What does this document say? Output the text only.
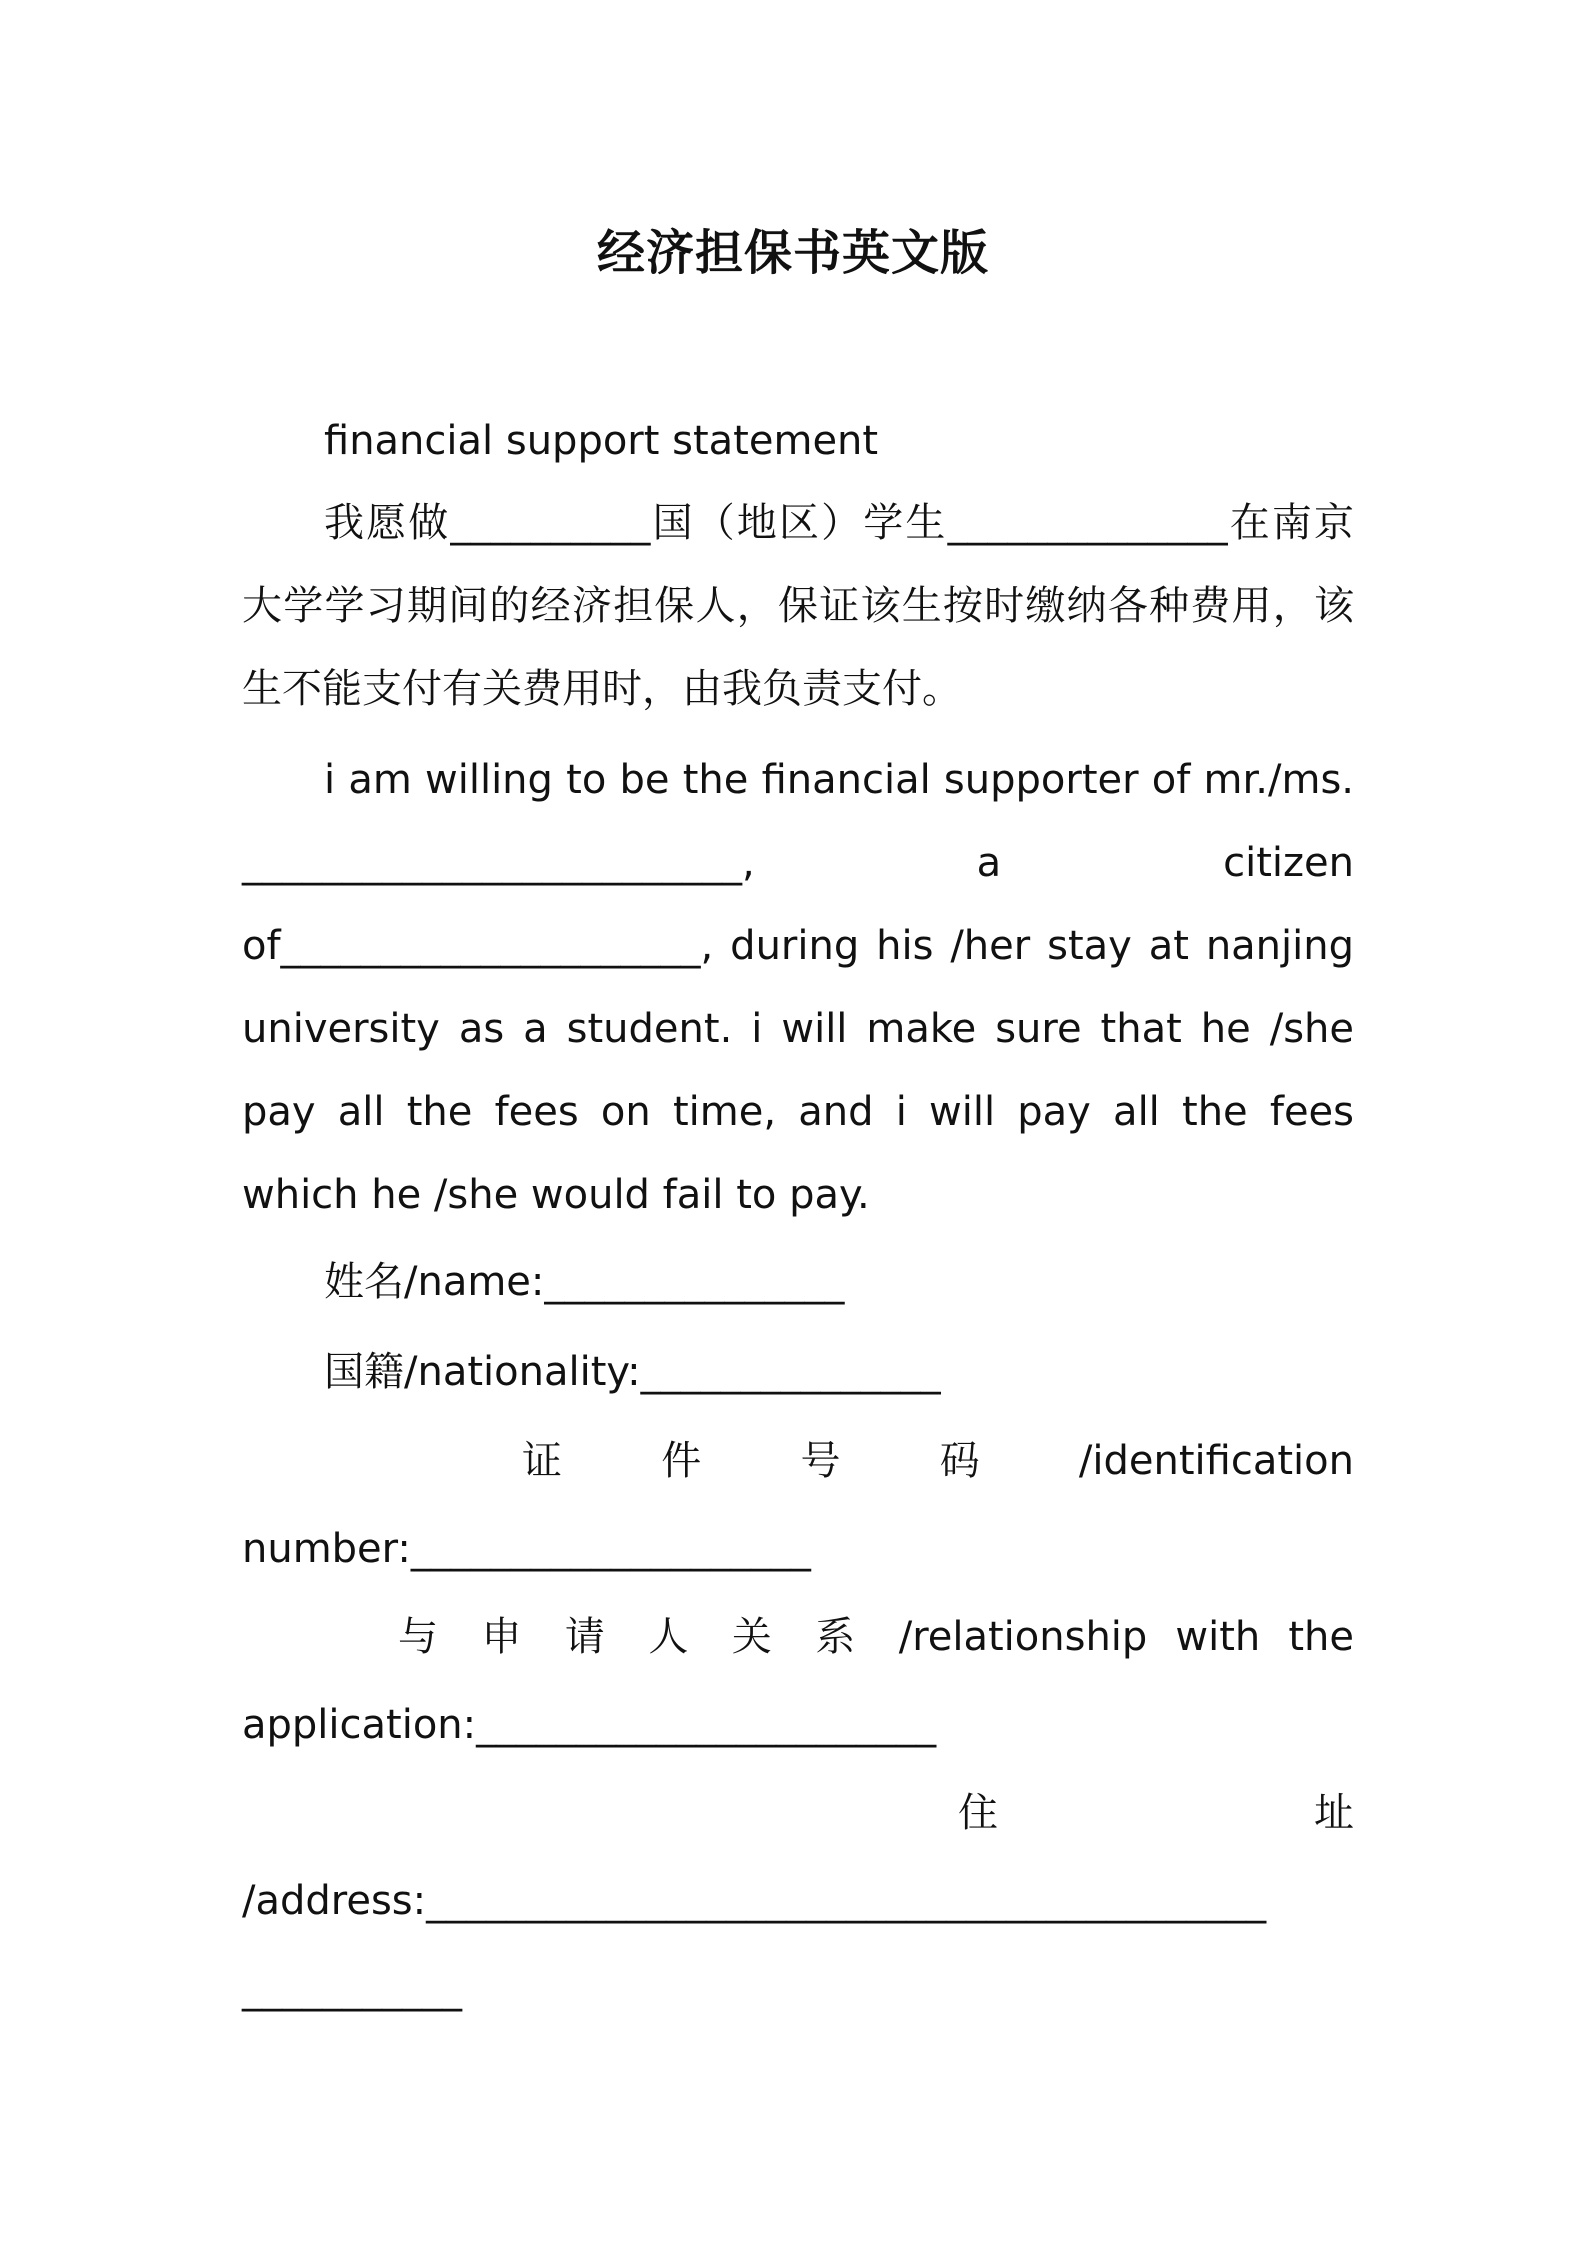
经济担保书英文版

financial support statement

我愿做__________国（地区）学生______________在南京大学学习期间的经济担保人，保证该生按时缴纳各种费用，该生不能支付有关费用时，由我负责支付。

i am willing to be the financial supporter of mr./ms. _________________________, a citizen of_____________________, during his /her stay at nanjing university as a student. i will make sure that he /she pay all the fees on time, and i will pay all the fees which he /she would fail to pay.

姓名/name:_______________

国籍/nationality:_______________

证 件 号 码 /identification
number:____________________
与 申 请 人 关 系 /relationship with the
application:_______________________
住 址
/address:__________________________________________
___________
